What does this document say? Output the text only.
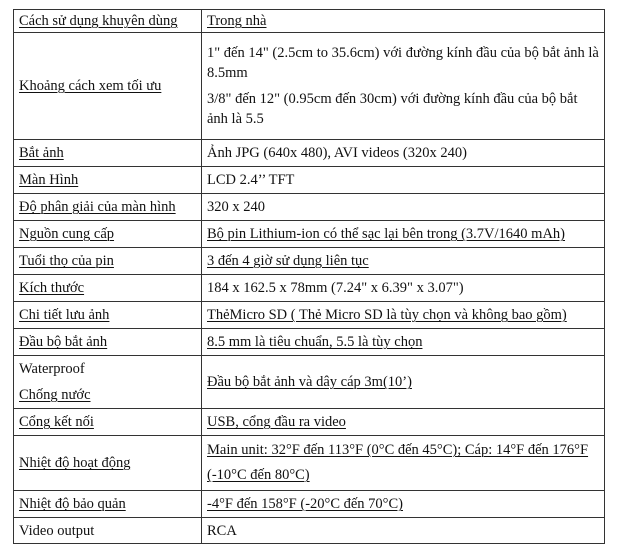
Cách sử dụng khuyên dùng	Trong nhà
Khoảng cách xem tối ưu	1" đến 14" (2.5cm to 35.6cm) với đường kính đầu của bộ bắt ảnh là 8.5mm
3/8" đến 12" (0.95cm đến 30cm) với đường kính đầu của bộ bắt ảnh là 5.5

Bắt ảnh	Ảnh JPG (640x 480), AVI videos (320x 240)
Màn Hình	LCD 2.4’’ TFT
Độ phân giải của màn hình	320 x 240
Nguồn cung cấp	Bộ pin Lithium-ion có thể sạc lại bên trong (3.7V/1640 mAh)
Tuổi thọ của pin	3 đến 4 giờ sử dụng liên tục
Kích thước	184 x 162.5 x 78mm (7.24" x 6.39" x 3.07")
Chi tiết lưu ảnh	ThẻMicro SD ( Thẻ Micro SD là tùy chọn và không bao gồm)
Đầu bộ bắt ảnh	8.5 mm là tiêu chuẩn, 5.5 là tùy chọn

Waterproof
Chống nước	Đầu bộ bắt ảnh và dây cáp 3m(10’)
Cổng kết nối	USB, cổng đầu ra video
Nhiệt độ hoạt động	Main unit: 32°F đến 113°F (0°C đến 45°C); Cáp: 14°F đến 176°F (-10°C đến 80°C)
Nhiệt độ bảo quản	-4°F đến 158°F (-20°C đến 70°C)
Video output	RCA
